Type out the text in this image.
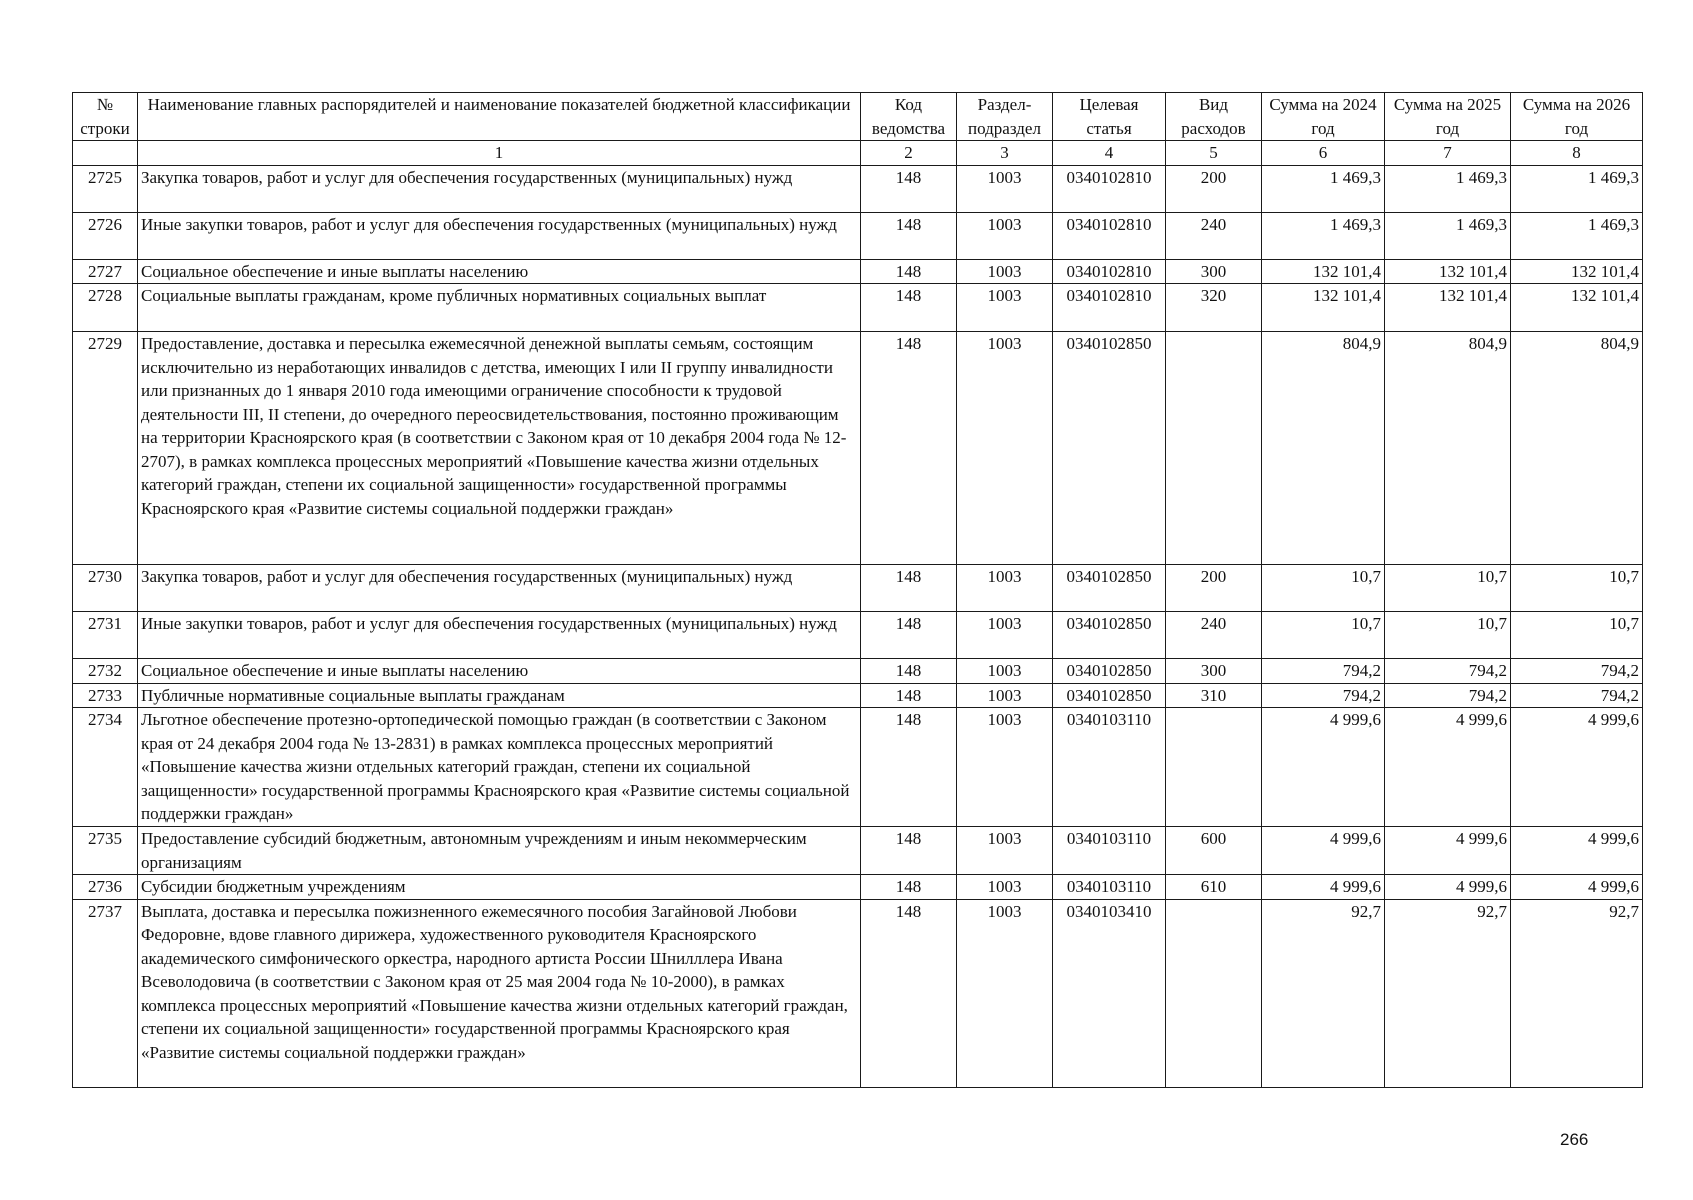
№ строки	Наименование главных распорядителей и наименование показателей бюджетной классификации	Код ведомства	Раздел-подраздел	Целевая статья	Вид расходов	Сумма на 2024 год	Сумма на 2025 год	Сумма на 2026 год
	1	2	3	4	5	6	7	8
2725	Закупка товаров, работ и услуг для обеспечения государственных (муниципальных) нужд	148	1003	0340102810	200	1 469,3	1 469,3	1 469,3
2726	Иные закупки товаров, работ и услуг для обеспечения государственных (муниципальных) нужд	148	1003	0340102810	240	1 469,3	1 469,3	1 469,3
2727	Социальное обеспечение и иные выплаты населению	148	1003	0340102810	300	132 101,4	132 101,4	132 101,4
2728	Социальные выплаты гражданам, кроме публичных нормативных социальных выплат	148	1003	0340102810	320	132 101,4	132 101,4	132 101,4
2729	Предоставление, доставка и пересылка ежемесячной денежной выплаты семьям, состоящим исключительно из неработающих инвалидов с детства, имеющих I или II группу инвалидности или признанных до 1 января 2010 года имеющими ограничение способности к трудовой деятельности III, II степени, до очередного переосвидетельствования, постоянно проживающим на территории Красноярского края (в соответствии с Законом края от 10 декабря 2004 года № 12-2707), в рамках комплекса процессных мероприятий «Повышение качества жизни отдельных категорий граждан, степени их социальной защищенности» государственной программы Красноярского края «Развитие системы социальной поддержки граждан»	148	1003	0340102850		804,9	804,9	804,9
2730	Закупка товаров, работ и услуг для обеспечения государственных (муниципальных) нужд	148	1003	0340102850	200	10,7	10,7	10,7
2731	Иные закупки товаров, работ и услуг для обеспечения государственных (муниципальных) нужд	148	1003	0340102850	240	10,7	10,7	10,7
2732	Социальное обеспечение и иные выплаты населению	148	1003	0340102850	300	794,2	794,2	794,2
2733	Публичные нормативные социальные выплаты гражданам	148	1003	0340102850	310	794,2	794,2	794,2
2734	Льготное обеспечение протезно-ортопедической помощью граждан (в соответствии с Законом края от 24 декабря 2004 года № 13-2831) в рамках комплекса процессных мероприятий «Повышение качества жизни отдельных категорий граждан, степени их социальной защищенности» государственной программы Красноярского края «Развитие системы социальной поддержки граждан»	148	1003	0340103110		4 999,6	4 999,6	4 999,6
2735	Предоставление субсидий бюджетным, автономным учреждениям и иным некоммерческим организациям	148	1003	0340103110	600	4 999,6	4 999,6	4 999,6
2736	Субсидии бюджетным учреждениям	148	1003	0340103110	610	4 999,6	4 999,6	4 999,6
2737	Выплата, доставка и пересылка пожизненного ежемесячного пособия Загайновой Любови Федоровне, вдове главного дирижера, художественного руководителя Красноярского академического симфонического оркестра, народного артиста России Шнилллера Ивана Всеволодовича (в соответствии с Законом края от 25 мая 2004 года № 10-2000), в рамках комплекса процессных мероприятий «Повышение качества жизни отдельных категорий граждан, степени их социальной защищенности» государственной программы Красноярского края «Развитие системы социальной поддержки граждан»	148	1003	0340103410		92,7	92,7	92,7
266
